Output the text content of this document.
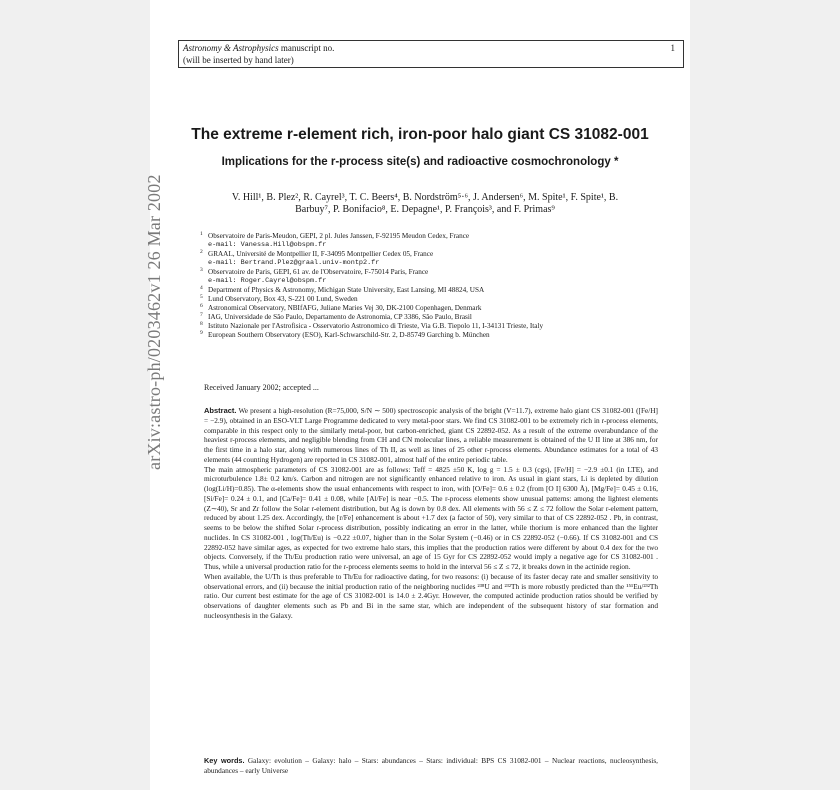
arXiv:astro-ph/0203462v1 26 Mar 2002
Astronomy & Astrophysics manuscript no.
(will be inserted by hand later)
1
The extreme r-element rich, iron-poor halo giant CS 31082-001
Implications for the r-process site(s) and radioactive cosmochronology *
V. Hill¹, B. Plez², R. Cayrel³, T. C. Beers⁴, B. Nordström⁵·⁶, J. Andersen⁶, M. Spite¹, F. Spite¹, B.
Barbuy⁷, P. Bonifacio⁸, E. Depagne¹, P. François³, and F. Primas⁹
1 Observatoire de Paris-Meudon, GEPI, 2 pl. Jules Janssen, F-92195 Meudon Cedex, France
e-mail: Vanessa.Hill@obspm.fr
2 GRAAL, Université de Montpellier II, F-34095 Montpellier Cedex 05, France
e-mail: Bertrand.Plez@graal.univ-montp2.fr
3 Observatoire de Paris, GEPI, 61 av. de l'Observatoire, F-75014 Paris, France
e-mail: Roger.Cayrel@obspm.fr
4 Department of Physics & Astronomy, Michigan State University, East Lansing, MI 48824, USA
5 Lund Observatory, Box 43, S-221 00 Lund, Sweden
6 Astronomical Observatory, NBIfAFG, Juliane Maries Vej 30, DK-2100 Copenhagen, Denmark
7 IAG, Universidade de São Paulo, Departamento de Astronomia, CP 3386, São Paulo, Brasil
8 Istituto Nazionale per l'Astrofisica - Osservatorio Astronomico di Trieste, Via G.B. Tiepolo 11, I-34131 Trieste, Italy
9 European Southern Observatory (ESO), Karl-Schwarschild-Str. 2, D-85749 Garching b. München
Received January 2002; accepted ...

Abstract. We present a high-resolution (R=75,000, S/N ∼ 500) spectroscopic analysis of the bright (V=11.7), extreme halo giant CS 31082-001 ([Fe/H] = −2.9), obtained in an ESO-VLT Large Programme dedicated to very metal-poor stars. We find CS 31082-001 to be extremely rich in r-process elements, comparable in this respect only to the similarly metal-poor, but carbon-enriched, giant CS 22892-052. As a result of the extreme overabundance of the heaviest r-process elements, and negligible blending from CH and CN molecular lines, a reliable measurement is obtained of the U II line at 386 nm, for the first time in a halo star, along with numerous lines of Th II, as well as lines of 25 other r-process elements. Abundance estimates for a total of 43 elements (44 counting Hydrogen) are reported in CS 31082-001, almost half of the entire periodic table.

The main atmospheric parameters of CS 31082-001 are as follows: Teff = 4825 ±50 K, log g = 1.5 ± 0.3 (cgs), [Fe/H] = −2.9 ±0.1 (in LTE), and microturbulence 1.8± 0.2 km/s. Carbon and nitrogen are not significantly enhanced relative to iron. As usual in giant stars, Li is depleted by dilution (log(Li/H)=0.85). The α-elements show the usual enhancements with respect to iron, with [O/Fe]= 0.6 ± 0.2 (from [O I] 6300 Å), [Mg/Fe]= 0.45 ± 0.16, [Si/Fe]= 0.24 ± 0.1, and [Ca/Fe]= 0.41 ± 0.08, while [Al/Fe] is near −0.5. The r-process elements show unusual patterns: among the lightest elements (Z∼40), Sr and Zr follow the Solar r-element distribution, but Ag is down by 0.8 dex. All elements with 56 ≤ Z ≤ 72 follow the Solar r-element pattern, reduced by about 1.25 dex. Accordingly, the [r/Fe] enhancement is about +1.7 dex (a factor of 50), very similar to that of CS 22892-052 . Pb, in contrast, seems to be below the shifted Solar r-process distribution, possibly indicating an error in the latter, while thorium is more enhanced than the lighter nuclides. In CS 31082-001 , log(Th/Eu) is −0.22 ±0.07, higher than in the Solar System (−0.46) or in CS 22892-052 (−0.66). If CS 31082-001 and CS 22892-052 have similar ages, as expected for two extreme halo stars, this implies that the production ratios were different by about 0.4 dex for the two objects. Conversely, if the Th/Eu production ratio were universal, an age of 15 Gyr for CS 22892-052 would imply a negative age for CS 31082-001 . Thus, while a universal production ratio for the r-process elements seems to hold in the interval 56 ≤ Z ≤ 72, it breaks down in the actinide region.

When available, the U/Th is thus preferable to Th/Eu for radioactive dating, for two reasons: (i) because of its faster decay rate and smaller sensitivity to observational errors, and (ii) because the initial production ratio of the neighboring nuclides ²³⁸U and ²³²Th is more robustly predicted than the ¹⁵¹Eu/²³²Th ratio. Our current best estimate for the age of CS 31082-001 is 14.0 ± 2.4Gyr. However, the computed actinide production ratios should be verified by observations of daughter elements such as Pb and Bi in the same star, which are independent of the subsequent history of star formation and nucleosynthesis in the Galaxy.

Key words. Galaxy: evolution – Galaxy: halo – Stars: abundances – Stars: individual: BPS CS 31082-001 – Nuclear reactions, nucleosynthesis, abundances – early Universe
